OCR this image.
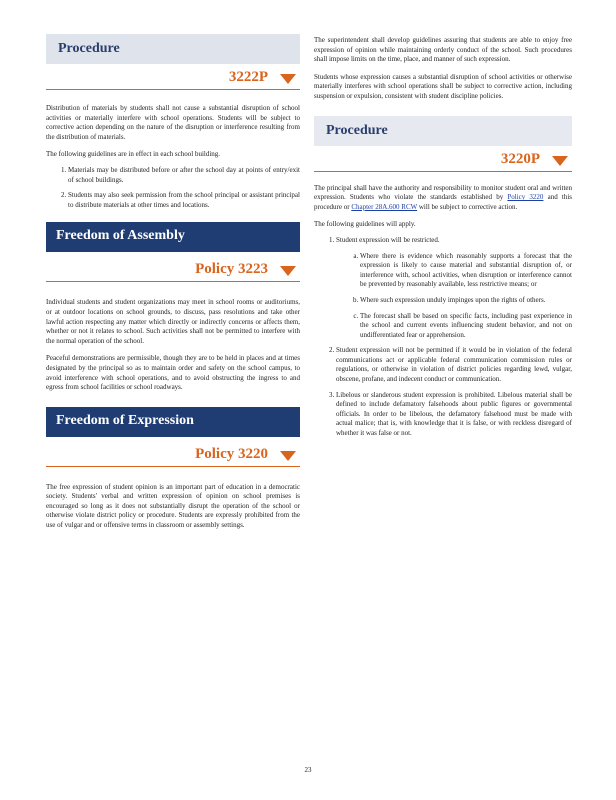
Procedure
3222P

Distribution of materials by students shall not cause a substantial disruption of school activities or materially interfere with school operations. Students will be subject to corrective action depending on the nature of the disruption or interference resulting from the distribution of materials.

The following guidelines are in effect in each school building.

1. Materials may be distributed before or after the school day at points of entry/exit of school buildings.
2. Students may also seek permission from the school principal or assistant principal to distribute materials at other times and locations.
Freedom of Assembly
Policy 3223

Individual students and student organizations may meet in school rooms or auditoriums, or at outdoor locations on school grounds, to discuss, pass resolutions and take other lawful action respecting any matter which directly or indirectly concerns or affects them, whether or not it relates to school. Such activities shall not be permitted to interfere with the normal operation of the school.

Peaceful demonstrations are permissible, though they are to be held in places and at times designated by the principal so as to maintain order and safety on the school campus, to avoid interference with school operations, and to avoid obstructing the ingress to and egress from school facilities or school roadways.

Freedom of Expression
Policy 3220

The free expression of student opinion is an important part of education in a democratic society. Students' verbal and written expression of opinion on school premises is encouraged so long as it does not substantially disrupt the operation of the school or otherwise violate district policy or procedure. Students are expressly prohibited from the use of vulgar and or offensive terms in classroom or assembly settings.

The superintendent shall develop guidelines assuring that students are able to enjoy free expression of opinion while maintaining orderly conduct of the school. Such procedures shall impose limits on the time, place, and manner of such expression.

Students whose expression causes a substantial disruption of school activities or otherwise materially interferes with school operations shall be subject to corrective action, including suspension or expulsion, consistent with student discipline policies.

Procedure
3220P

The principal shall have the authority and responsibility to monitor student oral and written expression. Students who violate the standards established by Policy 3220 and this procedure or Chapter 28A.600 RCW will be subject to corrective action.

The following guidelines will apply.

1. Student expression will be restricted.
a. Where there is evidence which reasonably supports a forecast that the expression is likely to cause material and substantial disruption of, or interference with, school activities, when disruption or interference cannot be prevented by reasonably available, less restrictive means; or
b. Where such expression unduly impinges upon the rights of others.
c. The forecast shall be based on specific facts, including past experience in the school and current events influencing student behavior, and not on undifferentiated fear or apprehension.
2. Student expression will not be permitted if it would be in violation of the federal communications act or applicable federal communication commission rules or regulations, or otherwise in violation of district policies regarding lewd, vulgar, obscene, profane, and indecent conduct or communication.
3. Libelous or slanderous student expression is prohibited. Libelous material shall be defined to include defamatory falsehoods about public figures or governmental officials. In order to be libelous, the defamatory falsehood must be made with actual malice; that is, with knowledge that it is false, or with reckless disregard of whether it was false or not.
23
